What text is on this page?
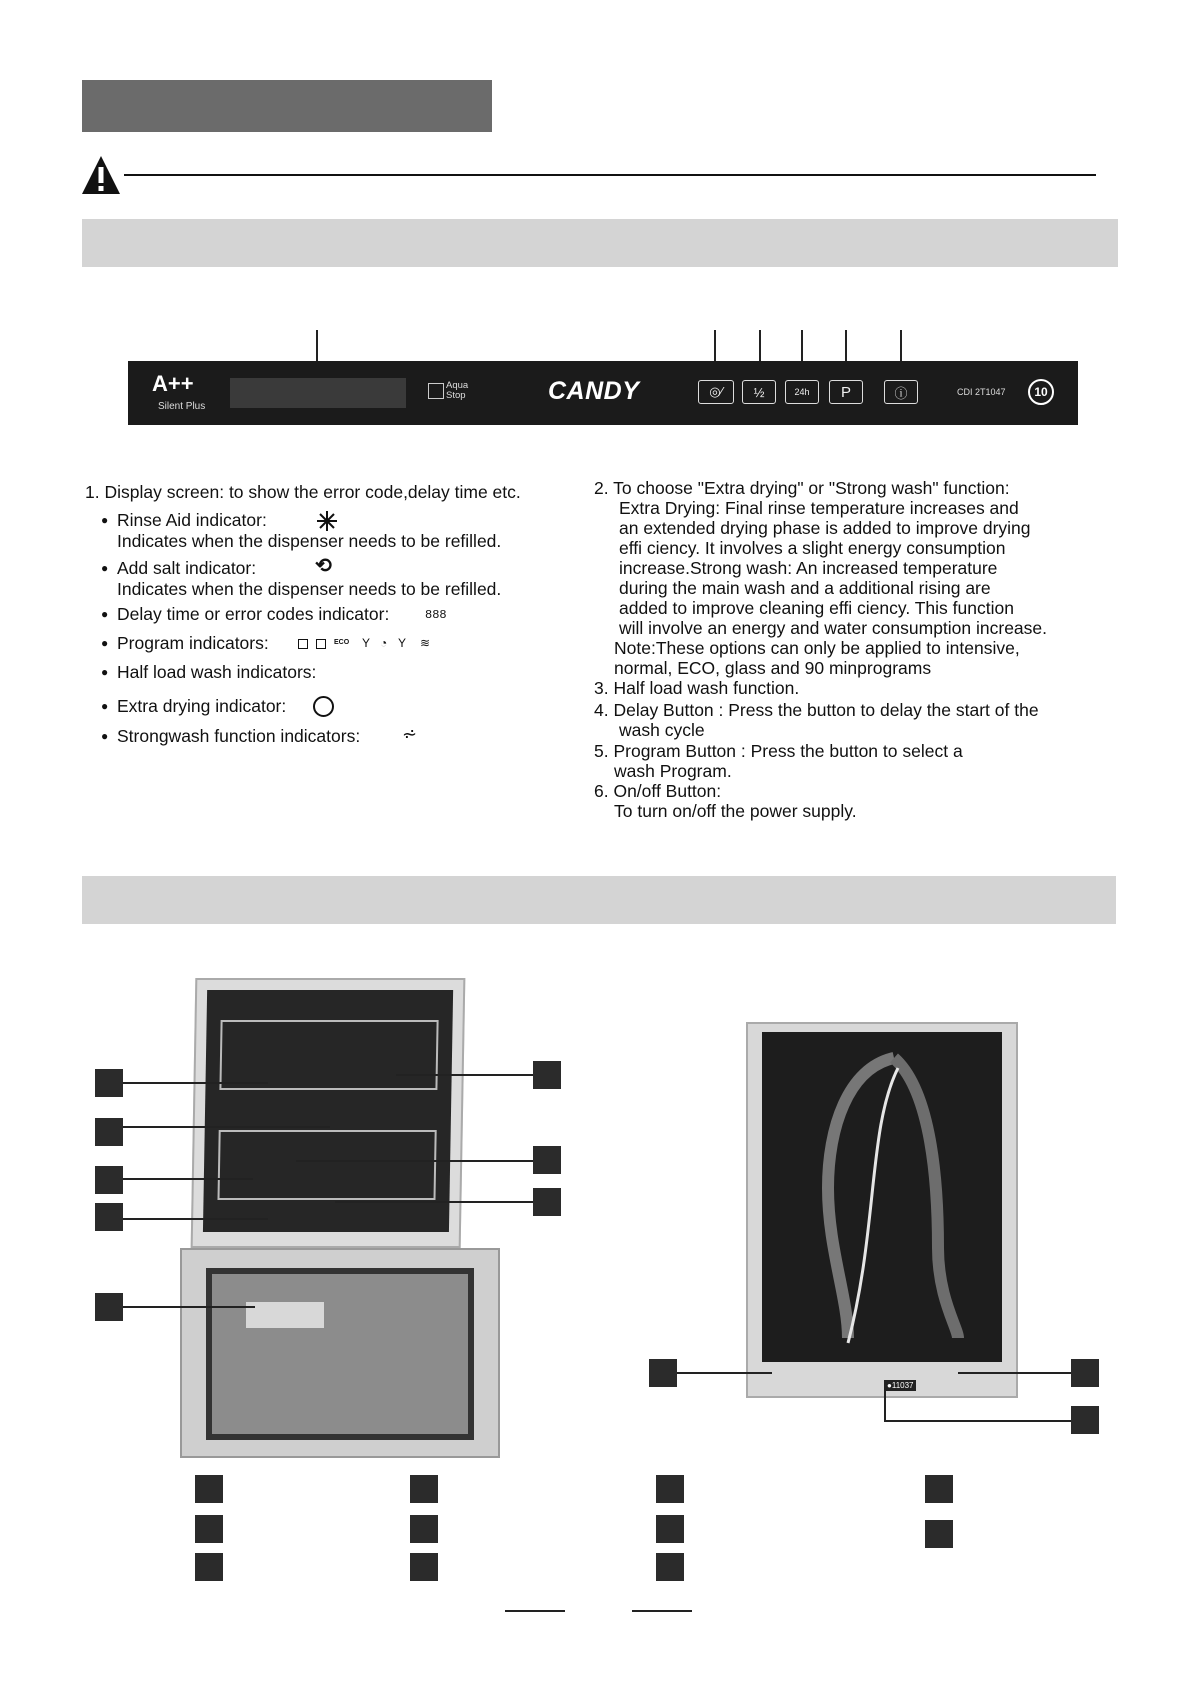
A++
Silent Plus
Aqua Stop	CANDY	CDI 2T1047	10
◎∕	½	24h	P	ⓘ
1. Display screen: to show the error code,delay time etc.
● Rinse Aid indicator:
Indicates when the dispenser needs to be refilled.
● Add salt indicator:	⟲
Indicates when the dispenser needs to be refilled.
● Delay time or error codes indicator:	888
● Program indicators:	ECO Y ◔ Y ≋
● Half load wash indicators:
● Extra drying indicator:
● Strongwash function indicators: ⩫
2. To choose "Extra drying" or "Strong wash" function:
Extra Drying: Final rinse temperature increases and
an extended drying phase is added to improve drying
effi ciency. It involves a slight energy consumption
increase.Strong wash: An increased temperature
during the main wash and a additional rising are
added to improve cleaning effi ciency. This function
will involve an energy and water consumption increase.
Note:These options can only be applied to intensive,
normal, ECO, glass and 90 minprograms
3. Half load wash function.
4. Delay Button : Press the button to delay the start of the
wash cycle
5. Program Button : Press the button to select a
wash Program.
6. On/off Button:
To turn on/off the power supply.
●11037
